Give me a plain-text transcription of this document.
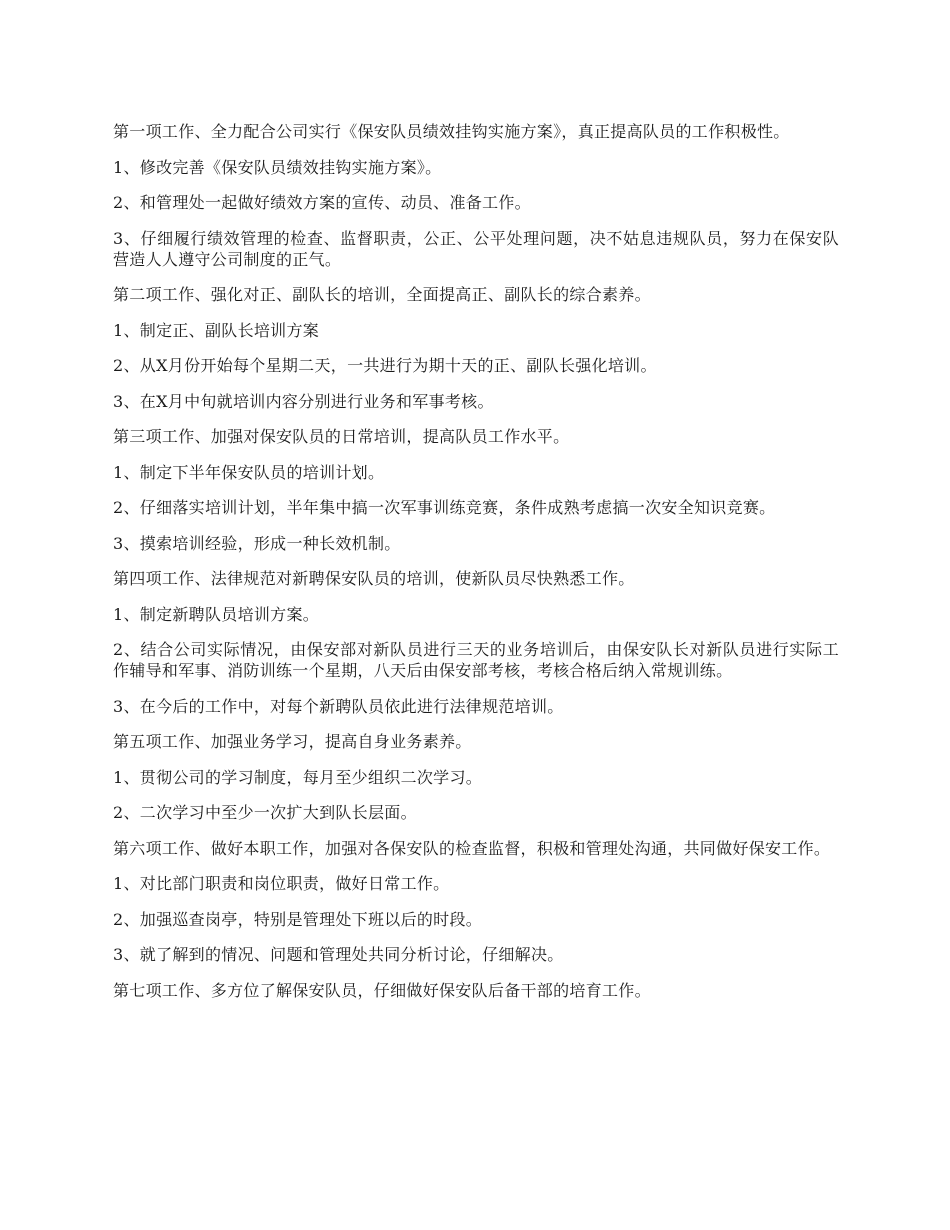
第一项工作、全力配合公司实行《保安队员绩效挂钩实施方案》，真正提高队员的工作积极性。

1、修改完善《保安队员绩效挂钩实施方案》。

2、和管理处一起做好绩效方案的宣传、动员、准备工作。

3、仔细履行绩效管理的检查、监督职责，公正、公平处理问题，决不姑息违规队员，努力在保安队营造人人遵守公司制度的正气。

第二项工作、强化对正、副队长的培训，全面提高正、副队长的综合素养。

1、制定正、副队长培训方案

2、从X月份开始每个星期二天，一共进行为期十天的正、副队长强化培训。

3、在X月中旬就培训内容分别进行业务和军事考核。

第三项工作、加强对保安队员的日常培训，提高队员工作水平。

1、制定下半年保安队员的培训计划。

2、仔细落实培训计划，半年集中搞一次军事训练竞赛，条件成熟考虑搞一次安全知识竞赛。

3、摸索培训经验，形成一种长效机制。

第四项工作、法律规范对新聘保安队员的培训，使新队员尽快熟悉工作。

1、制定新聘队员培训方案。

2、结合公司实际情况，由保安部对新队员进行三天的业务培训后，由保安队长对新队员进行实际工作辅导和军事、消防训练一个星期，八天后由保安部考核，考核合格后纳入常规训练。

3、在今后的工作中，对每个新聘队员依此进行法律规范培训。

第五项工作、加强业务学习，提高自身业务素养。

1、贯彻公司的学习制度，每月至少组织二次学习。

2、二次学习中至少一次扩大到队长层面。

第六项工作、做好本职工作，加强对各保安队的检查监督，积极和管理处沟通，共同做好保安工作。

1、对比部门职责和岗位职责，做好日常工作。

2、加强巡查岗亭，特别是管理处下班以后的时段。

3、就了解到的情况、问题和管理处共同分析讨论，仔细解决。

第七项工作、多方位了解保安队员，仔细做好保安队后备干部的培育工作。
